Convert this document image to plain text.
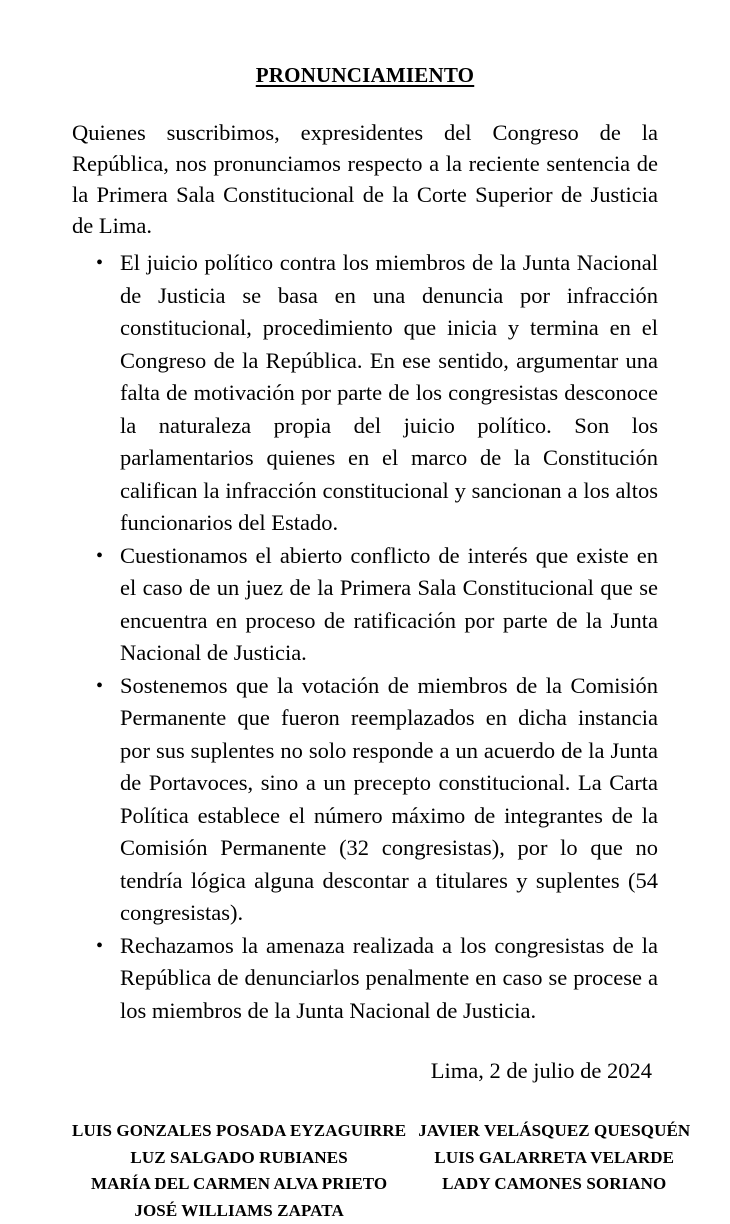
PRONUNCIAMIENTO

Quienes suscribimos, expresidentes del Congreso de la República, nos pronunciamos respecto a la reciente sentencia de la Primera Sala Constitucional de la Corte Superior de Justicia de Lima.

• El juicio político contra los miembros de la Junta Nacional de Justicia se basa en una denuncia por infracción constitucional, procedimiento que inicia y termina en el Congreso de la República. En ese sentido, argumentar una falta de motivación por parte de los congresistas desconoce la naturaleza propia del juicio político. Son los parlamentarios quienes en el marco de la Constitución califican la infracción constitucional y sancionan a los altos funcionarios del Estado.
• Cuestionamos el abierto conflicto de interés que existe en el caso de un juez de la Primera Sala Constitucional que se encuentra en proceso de ratificación por parte de la Junta Nacional de Justicia.
• Sostenemos que la votación de miembros de la Comisión Permanente que fueron reemplazados en dicha instancia por sus suplentes no solo responde a un acuerdo de la Junta de Portavoces, sino a un precepto constitucional. La Carta Política establece el número máximo de integrantes de la Comisión Permanente (32 congresistas), por lo que no tendría lógica alguna descontar a titulares y suplentes (54 congresistas).
• Rechazamos la amenaza realizada a los congresistas de la República de denunciarlos penalmente en caso se procese a los miembros de la Junta Nacional de Justicia.

Lima, 2 de julio de 2024

LUIS GONZALES POSADA EYZAGUIRRE
LUZ SALGADO RUBIANES
MARÍA DEL CARMEN ALVA PRIETO
JOSÉ WILLIAMS ZAPATA
JAVIER VELÁSQUEZ QUESQUÉN
LUIS GALARRETA VELARDE
LADY CAMONES SORIANO
